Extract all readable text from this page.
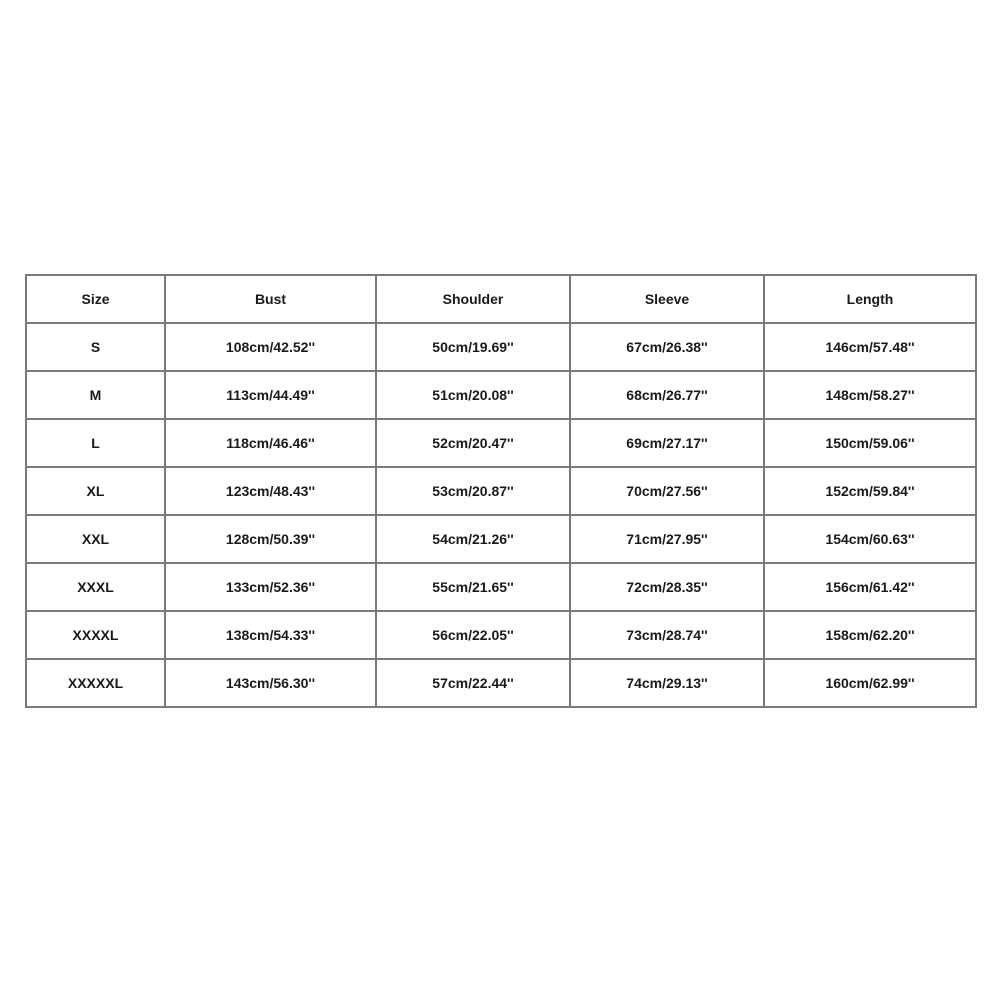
Size	Bust	Shoulder	Sleeve	Length
S	108cm/42.52''	50cm/19.69''	67cm/26.38''	146cm/57.48''
M	113cm/44.49''	51cm/20.08''	68cm/26.77''	148cm/58.27''
L	118cm/46.46''	52cm/20.47''	69cm/27.17''	150cm/59.06''
XL	123cm/48.43''	53cm/20.87''	70cm/27.56''	152cm/59.84''
XXL	128cm/50.39''	54cm/21.26''	71cm/27.95''	154cm/60.63''
XXXL	133cm/52.36''	55cm/21.65''	72cm/28.35''	156cm/61.42''
XXXXL	138cm/54.33''	56cm/22.05''	73cm/28.74''	158cm/62.20''
XXXXXL	143cm/56.30''	57cm/22.44''	74cm/29.13''	160cm/62.99''
